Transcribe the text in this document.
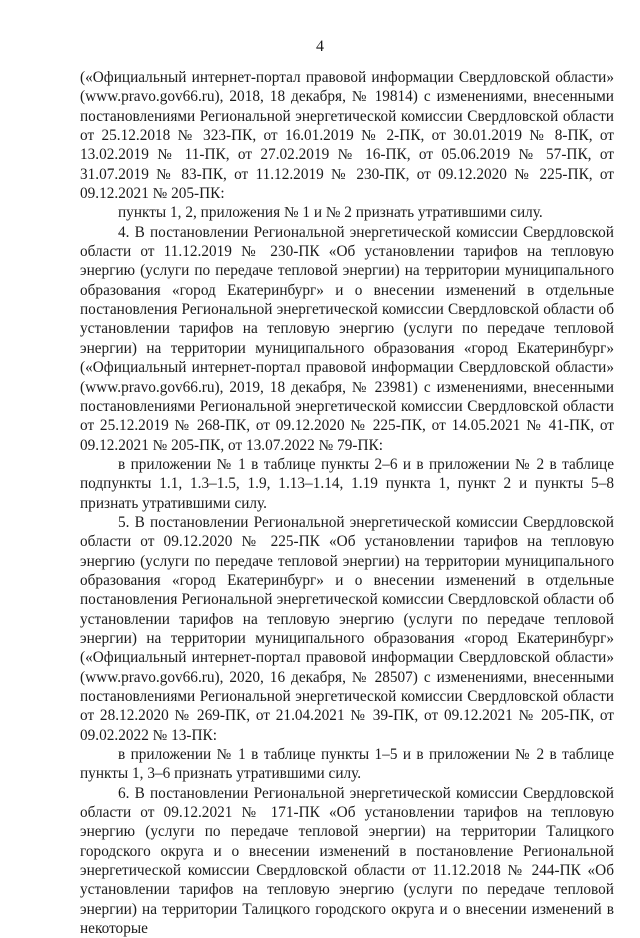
4

(«Официальный интернет-портал правовой информации Свердловской области» (www.pravo.gov66.ru), 2018, 18 декабря, № 19814) с изменениями, внесенными постановлениями Региональной энергетической комиссии Свердловской области от 25.12.2018 № 323-ПК, от 16.01.2019 № 2-ПК, от 30.01.2019 № 8-ПК, от 13.02.2019 № 11-ПК, от 27.02.2019 № 16-ПК, от 05.06.2019 № 57-ПК, от 31.07.2019 № 83-ПК, от 11.12.2019 № 230-ПК, от 09.12.2020 № 225-ПК, от 09.12.2021 № 205-ПК:

пункты 1, 2, приложения № 1 и № 2 признать утратившими силу.

4. В постановлении Региональной энергетической комиссии Свердловской области от 11.12.2019 № 230-ПК «Об установлении тарифов на тепловую энергию (услуги по передаче тепловой энергии) на территории муниципального образования «город Екатеринбург» и о внесении изменений в отдельные постановления Региональной энергетической комиссии Свердловской области об установлении тарифов на тепловую энергию (услуги по передаче тепловой энергии) на территории муниципального образования «город Екатеринбург» («Официальный интернет-портал правовой информации Свердловской области» (www.pravo.gov66.ru), 2019, 18 декабря, № 23981) с изменениями, внесенными постановлениями Региональной энергетической комиссии Свердловской области от 25.12.2019 № 268-ПК, от 09.12.2020 № 225-ПК, от 14.05.2021 № 41-ПК, от 09.12.2021 № 205-ПК, от 13.07.2022 № 79-ПК:

в приложении № 1 в таблице пункты 2–6 и в приложении № 2 в таблице подпункты 1.1, 1.3–1.5, 1.9, 1.13–1.14, 1.19 пункта 1, пункт 2 и пункты 5–8 признать утратившими силу.

5. В постановлении Региональной энергетической комиссии Свердловской области от 09.12.2020 № 225-ПК «Об установлении тарифов на тепловую энергию (услуги по передаче тепловой энергии) на территории муниципального образования «город Екатеринбург» и о внесении изменений в отдельные постановления Региональной энергетической комиссии Свердловской области об установлении тарифов на тепловую энергию (услуги по передаче тепловой энергии) на территории муниципального образования «город Екатеринбург» («Официальный интернет-портал правовой информации Свердловской области» (www.pravo.gov66.ru), 2020, 16 декабря, № 28507) с изменениями, внесенными постановлениями Региональной энергетической комиссии Свердловской области от 28.12.2020 № 269-ПК, от 21.04.2021 № 39-ПК, от 09.12.2021 № 205-ПК, от 09.02.2022 № 13-ПК:

в приложении № 1 в таблице пункты 1–5 и в приложении № 2 в таблице пункты 1, 3–6 признать утратившими силу.

6. В постановлении Региональной энергетической комиссии Свердловской области от 09.12.2021 № 171-ПК «Об установлении тарифов на тепловую энергию (услуги по передаче тепловой энергии) на территории Талицкого городского округа и о внесении изменений в постановление Региональной энергетической комиссии Свердловской области от 11.12.2018 № 244-ПК «Об установлении тарифов на тепловую энергию (услуги по передаче тепловой энергии) на территории Талицкого городского округа и о внесении изменений в некоторые
